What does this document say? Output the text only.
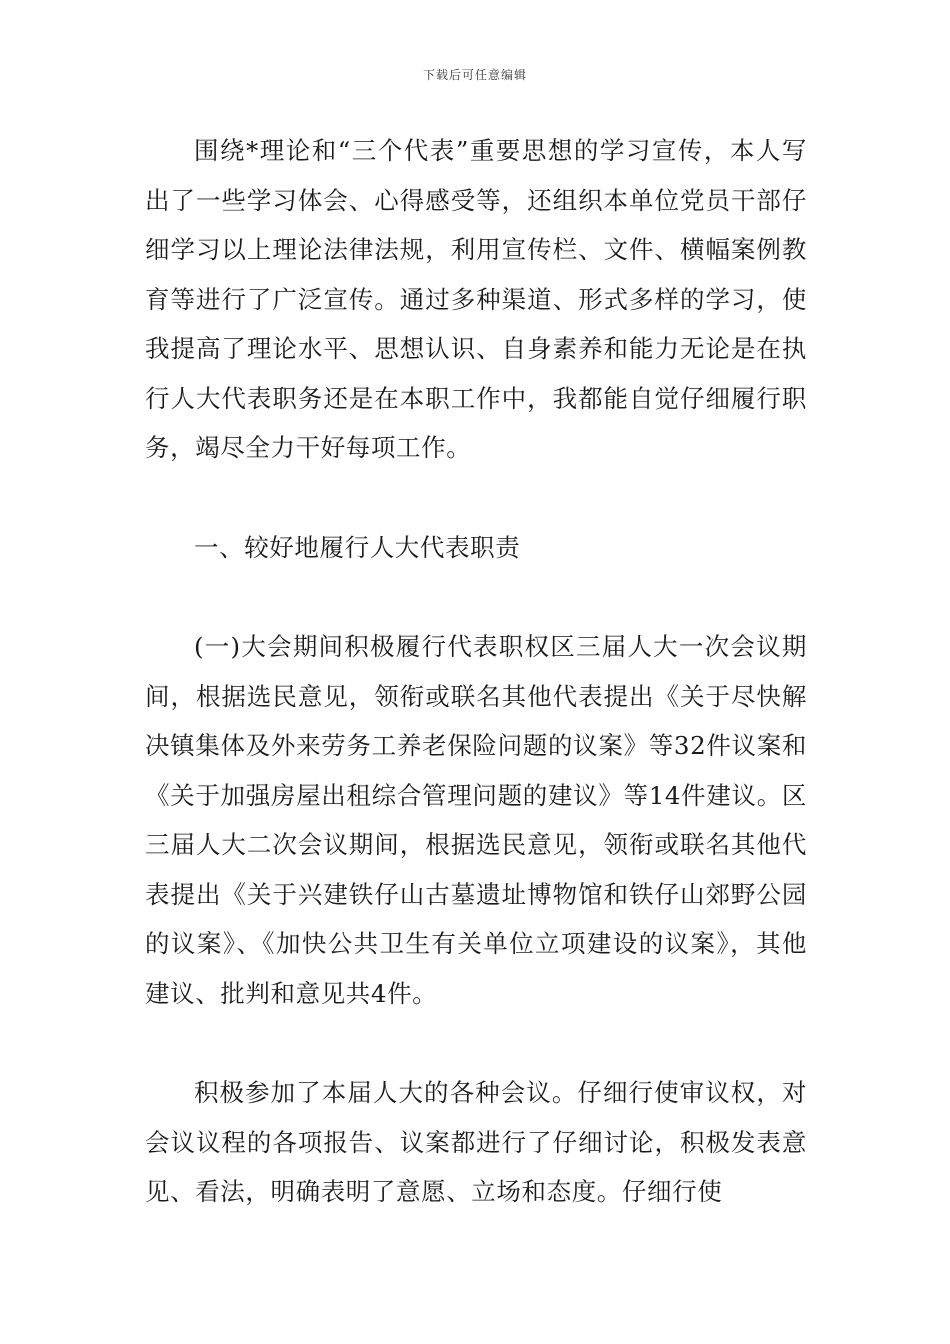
下载后可任意编辑

围绕*理论和“三个代表”重要思想的学习宣传，本人写出了一些学习体会、心得感受等，还组织本单位党员干部仔细学习以上理论法律法规，利用宣传栏、文件、横幅案例教育等进行了广泛宣传。通过多种渠道、形式多样的学习，使我提高了理论水平、思想认识、自身素养和能力无论是在执行人大代表职务还是在本职工作中，我都能自觉仔细履行职务，竭尽全力干好每项工作。

一、较好地履行人大代表职责

(一)大会期间积极履行代表职权区三届人大一次会议期间，根据选民意见，领衔或联名其他代表提出《关于尽快解决镇集体及外来劳务工养老保险问题的议案》等32件议案和《关于加强房屋出租综合管理问题的建议》等14件建议。区三届人大二次会议期间，根据选民意见，领衔或联名其他代表提出《关于兴建铁仔山古墓遗址博物馆和铁仔山郊野公园的议案》、《加快公共卫生有关单位立项建设的议案》，其他建议、批判和意见共4件。

积极参加了本届人大的各种会议。仔细行使审议权，对会议议程的各项报告、议案都进行了仔细讨论，积极发表意见、看法，明确表明了意愿、立场和态度。仔细行使
